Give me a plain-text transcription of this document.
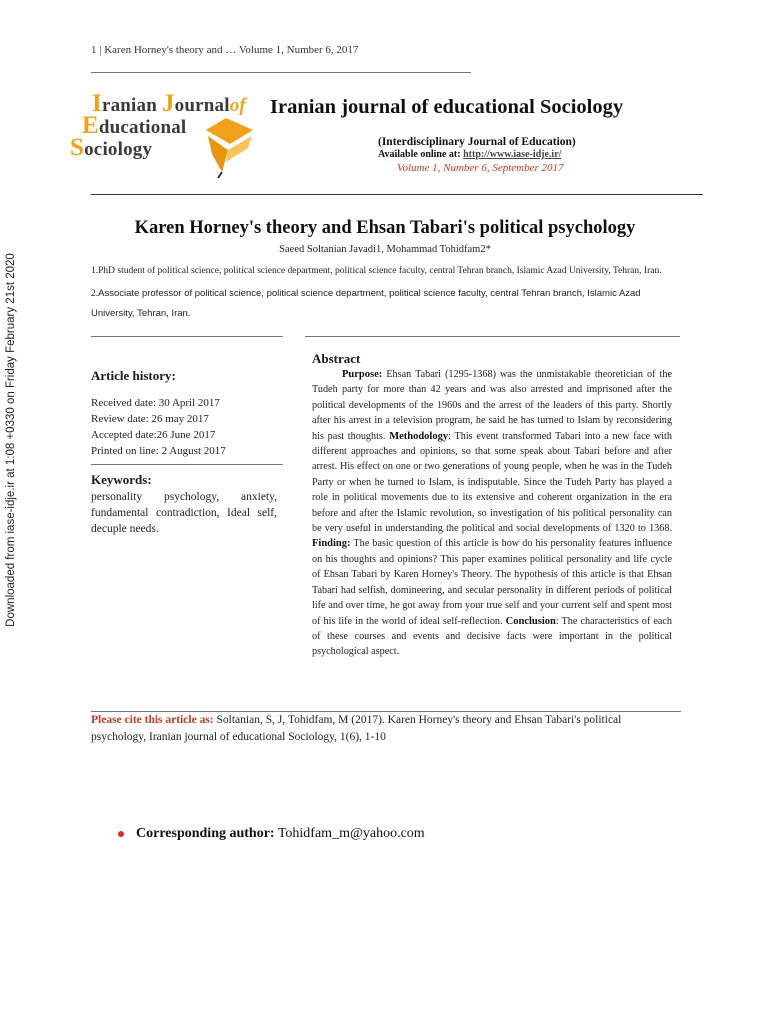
Downloaded from iase-idje.ir at 1:08 +0330 on Friday February 21st 2020
1 | Karen Horney's theory and … Volume 1, Number 6, 2017
Iranian Journalof
Educational
Sociology
Iranian journal of educational Sociology
(Interdisciplinary Journal of Education)
Available online at: http://www.iase-idje.ir/
Volume 1, Number 6, September 2017
Karen Horney's theory and Ehsan Tabari's political psychology
Saeed Soltanian Javadi1, Mohammad Tohidfam2*
1.PhD student of political science, political science department, political science faculty, central Tehran branch, Islamic Azad University, Tehran, Iran.
2.Associate professor of political science, political science department, political science faculty, central Tehran branch, Islamic Azad University, Tehran, Iran.
Article history:
Received date: 30 April 2017
Review date: 26 may 2017
Accepted date:26 June 2017
Printed on line: 2 August 2017
Keywords:
personality psychology, anxiety, fundamental contradiction, Ideal self, decuple needs.
Abstract

Purpose: Ehsan Tabari (1295-1368) was the unmistakable theoretician of the Tudeh party for more than 42 years and was also arrested and imprisoned after the political developments of the 1960s and the arrest of the leaders of this party. Shortly after his arrest in a television program, he said he has turned to Islam by reconsidering his past thoughts. Methodology: This event transformed Tabari into a new face with different approaches and opinions, so that some speak about Tabari before and after arrest. His effect on one or two generations of young people, when he was in the Tudeh Party or when he turned to Islam, is indisputable. Since the Tudeh Party has played a role in political movements due to its extensive and coherent organization in the era before and after the Islamic revolution, so investigation of his political personality can be very useful in understanding the political and social developments of 1320 to 1368. Finding: The basic question of this article is how do his personality features influence on his thoughts and opinions? This paper examines political personality and life cycle of Ehsan Tabari by Karen Horney's Theory. The hypothesis of this article is that Ehsan Tabari had selfish, domineering, and secular personality in different periods of political life and over time, he got away from your true self and your current self and spent most of his life in the world of ideal self-reflection. Conclusion: The characteristics of each of these courses and events and decisive facts were important in the political psychological aspect.

Please cite this article as: Soltanian, S, J, Tohidfam, M (2017). Karen Horney's theory and Ehsan Tabari's political psychology, Iranian journal of educational Sociology, 1(6), 1-10
Corresponding author: Tohidfam_m@yahoo.com
